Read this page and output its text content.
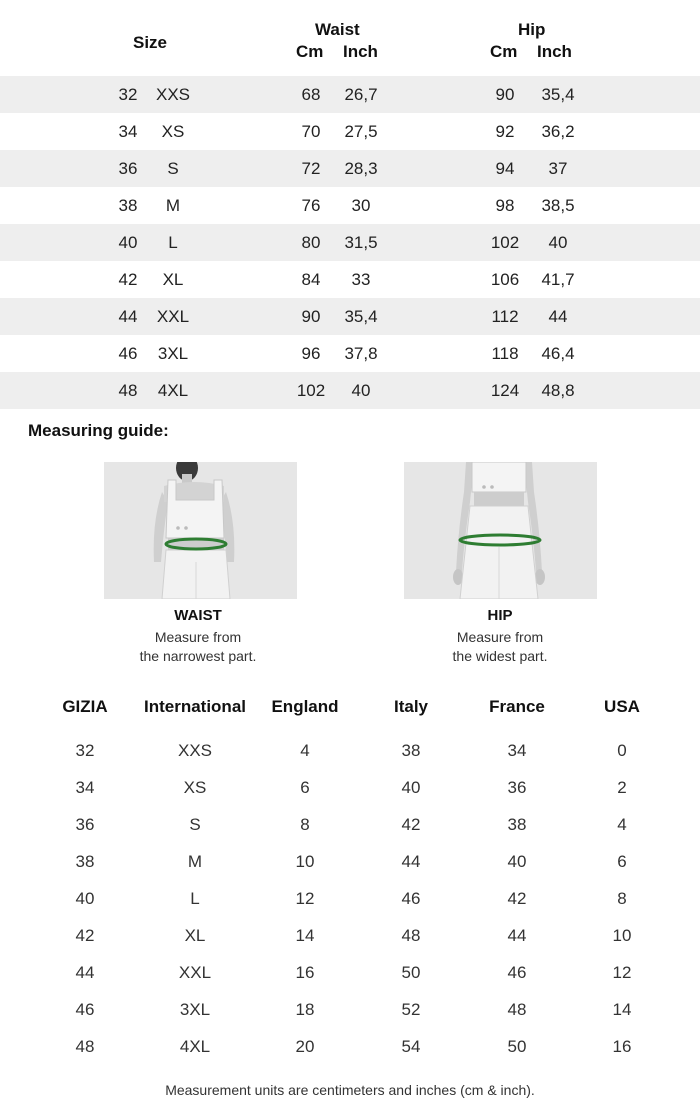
Size
Waist
Cm Inch
Hip
Cm Inch
32	XXS	68	26,7	90	35,4
34	XS	70	27,5	92	36,2
36	S	72	28,3	94	37
38	M	76	30	98	38,5
40	L	80	31,5	102	40
42	XL	84	33	106	41,7
44	XXL	90	35,4	112	44
46	3XL	96	37,8	118	46,4
48	4XL	102	40	124	48,8
Measuring guide:
WAIST
Measure from
the narrowest part.
HIP
Measure from
the widest part.
GIZIA	International	England	Italy	France	USA
32	XXS	4	38	34	0
34	XS	6	40	36	2
36	S	8	42	38	4
38	M	10	44	40	6
40	L	12	46	42	8
42	XL	14	48	44	10
44	XXL	16	50	46	12
46	3XL	18	52	48	14
48	4XL	20	54	50	16
Measurement units are centimeters and inches (cm & inch).
